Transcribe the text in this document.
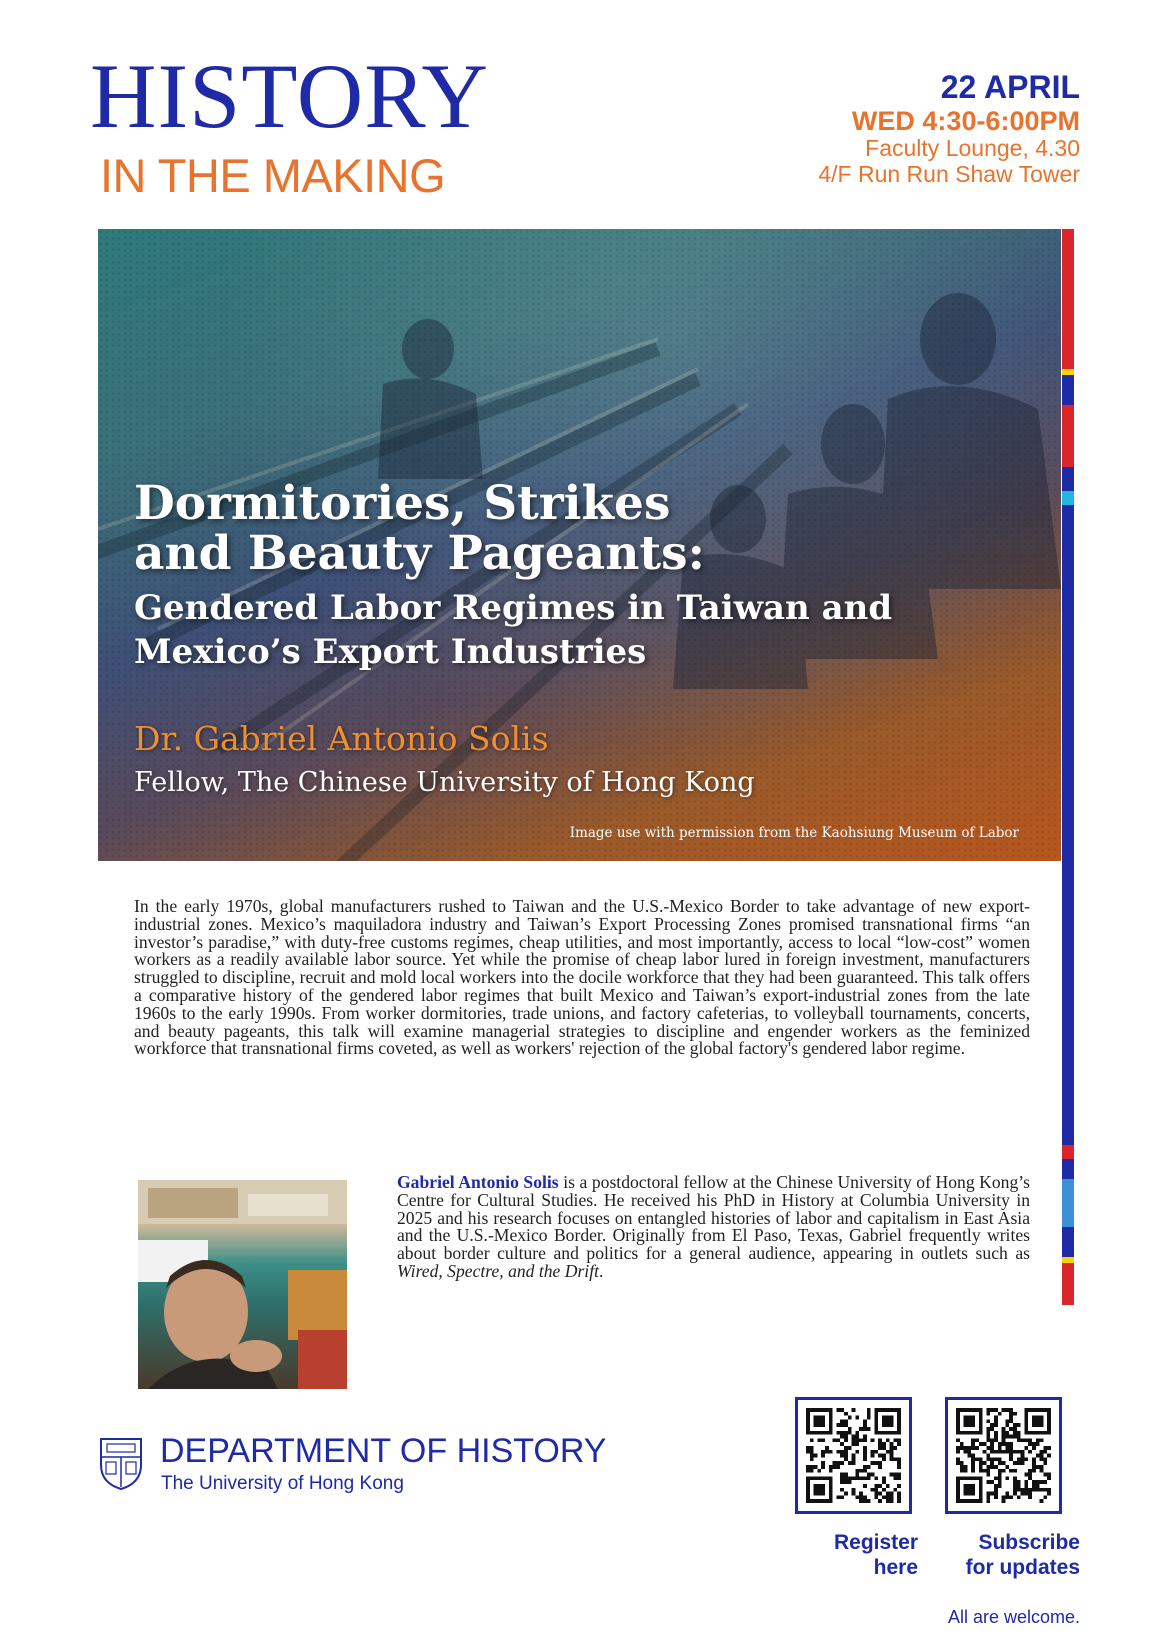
HISTORY
IN THE MAKING
22 APRIL
WED 4:30-6:00PM
Faculty Lounge, 4.30
4/F Run Run Shaw Tower
Dormitories, Strikes
and Beauty Pageants:
Gendered Labor Regimes in Taiwan and
Mexico’s Export Industries
Dr. Gabriel Antonio Solis
Fellow, The Chinese University of Hong Kong
Image use with permission from the Kaohsiung Museum of Labor

In the early 1970s, global manufacturers rushed to Taiwan and the U.S.-Mexico Border to take advantage of new export-industrial zones. Mexico’s maquiladora industry and Taiwan’s Export Processing Zones promised transnational firms “an investor’s paradise,” with duty-free customs regimes, cheap utilities, and most importantly, access to local “low-cost” women workers as a readily available labor source. Yet while the promise of cheap labor lured in foreign investment, manufacturers struggled to discipline, recruit and mold local workers into the docile workforce that they had been guaranteed. This talk offers a comparative history of the gendered labor regimes that built Mexico and Taiwan’s export-industrial zones from the late 1960s to the early 1990s. From worker dormitories, trade unions, and factory cafeterias, to volleyball tournaments, concerts, and beauty pageants, this talk will examine managerial strategies to discipline and engender workers as the feminized workforce that transnational firms coveted, as well as workers' rejection of the global factory's gendered labor regime.

Gabriel Antonio Solis is a postdoctoral fellow at the Chinese University of Hong Kong’s Centre for Cultural Studies. He received his PhD in History at Columbia University in 2025 and his research focuses on entangled histories of labor and capitalism in East Asia and the U.S.-Mexico Border. Originally from El Paso, Texas, Gabriel frequently writes about border culture and politics for a general audience, appearing in outlets such as Wired, Spectre, and the Drift.

DEPARTMENT OF HISTORY
The University of Hong Kong
Register
here
Subscribe
for updates
All are welcome.
